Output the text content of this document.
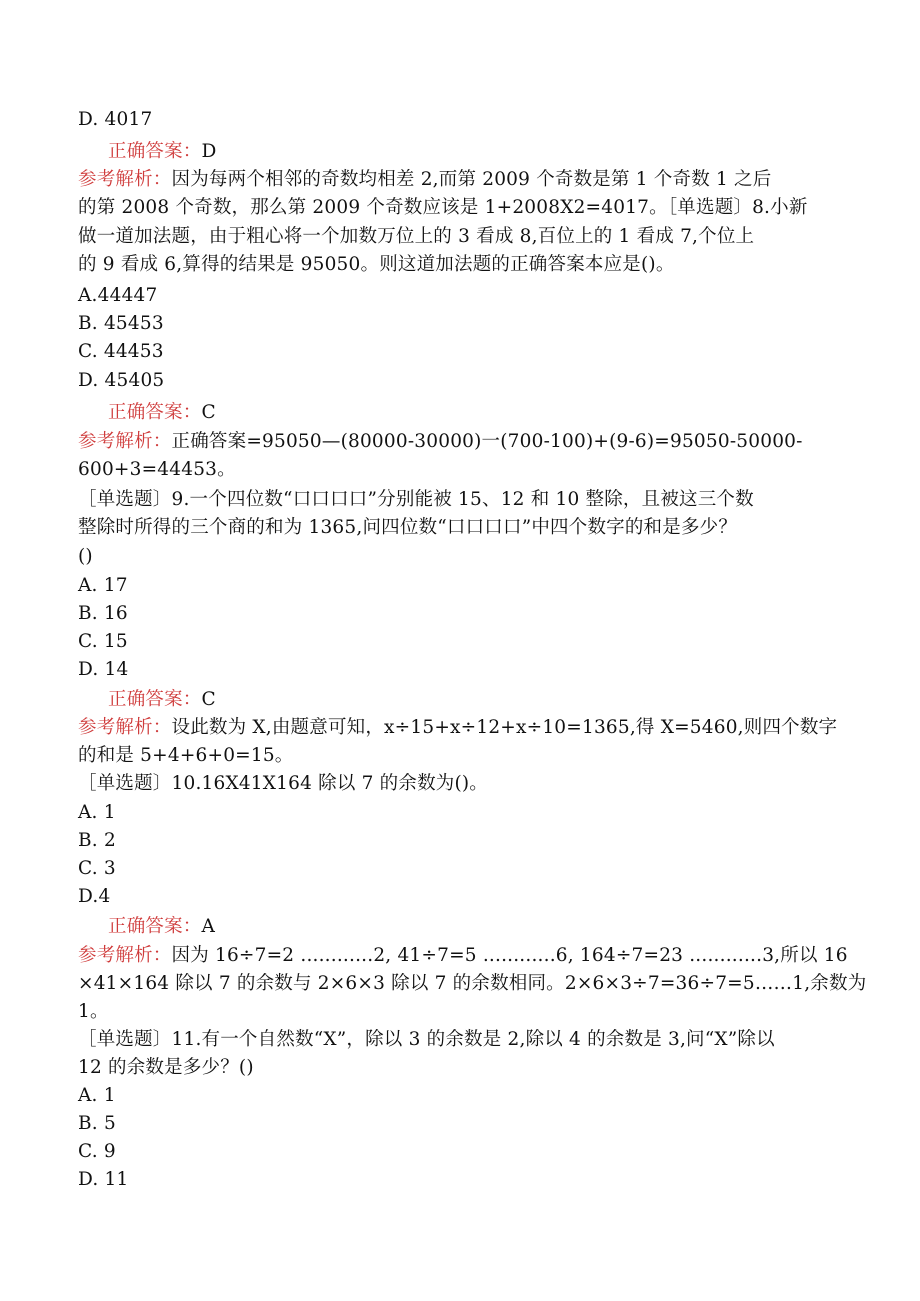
D. 4017
正确答案：D
参考解析：因为每两个相邻的奇数均相差 2,而第 2009 个奇数是第 1 个奇数 1 之后
的第 2008 个奇数，那么第 2009 个奇数应该是 1+2008X2=4017。［单选题〕8.小新
做一道加法题，由于粗心将一个加数万位上的 3 看成 8,百位上的 1 看成 7,个位上
的 9 看成 6,算得的结果是 95050。则这道加法题的正确答案本应是()。
A.44447
B. 45453
C. 44453
D. 45405
正确答案：C
参考解析：正确答案=95050—(80000-30000)一(700-100)+(9-6)=95050-50000-
600+3=44453。
［单选题〕9.一个四位数“口口口口”分别能被 15、12 和 10 整除，且被这三个数
整除时所得的三个商的和为 1365,问四位数“口口口口”中四个数字的和是多少？
()
A. 17
B. 16
C. 15
D. 14
正确答案：C
参考解析：设此数为 X,由题意可知，x÷15+x÷12+x÷10=1365,得 X=5460,则四个数字
的和是 5+4+6+0=15。
［单选题〕10.16X41X164 除以 7 的余数为()。
A. 1
B. 2
C. 3
D.4
正确答案：A
参考解析：因为 16÷7=2 ............2, 41÷7=5 ............6, 164÷7=23 ............3,所以 16
×41×164 除以 7 的余数与 2×6×3 除以 7 的余数相同。2×6×3÷7=36÷7=5……1,余数为
1。
［单选题〕11.有一个自然数“X”，除以 3 的余数是 2,除以 4 的余数是 3,问“X”除以
12 的余数是多少？()
A. 1
B. 5
C. 9
D. 11
